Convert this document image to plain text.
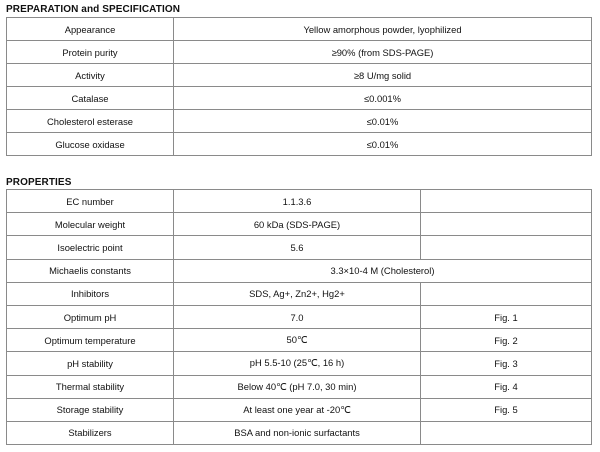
PREPARATION and SPECIFICATION
Appearance	Yellow amorphous powder, lyophilized
Protein purity	≥90% (from SDS-PAGE)
Activity	≥8 U/mg solid
Catalase	≤0.001%
Cholesterol esterase	≤0.01%
Glucose oxidase	≤0.01%
PROPERTIES
EC number	1.1.3.6	
Molecular weight	60 kDa (SDS-PAGE)	
Isoelectric point	5.6	
Michaelis constants	3.3×10-4 M (Cholesterol)	
Inhibitors	SDS, Ag+, Zn2+, Hg2+	
Optimum pH	7.0	Fig. 1
Optimum temperature	50℃	Fig. 2
pH stability	pH 5.5-10 (25℃, 16 h)	Fig. 3
Thermal stability	Below 40℃ (pH 7.0, 30 min)	Fig. 4
Storage stability	At least one year at -20℃	Fig. 5
Stabilizers	BSA and non-ionic surfactants	
